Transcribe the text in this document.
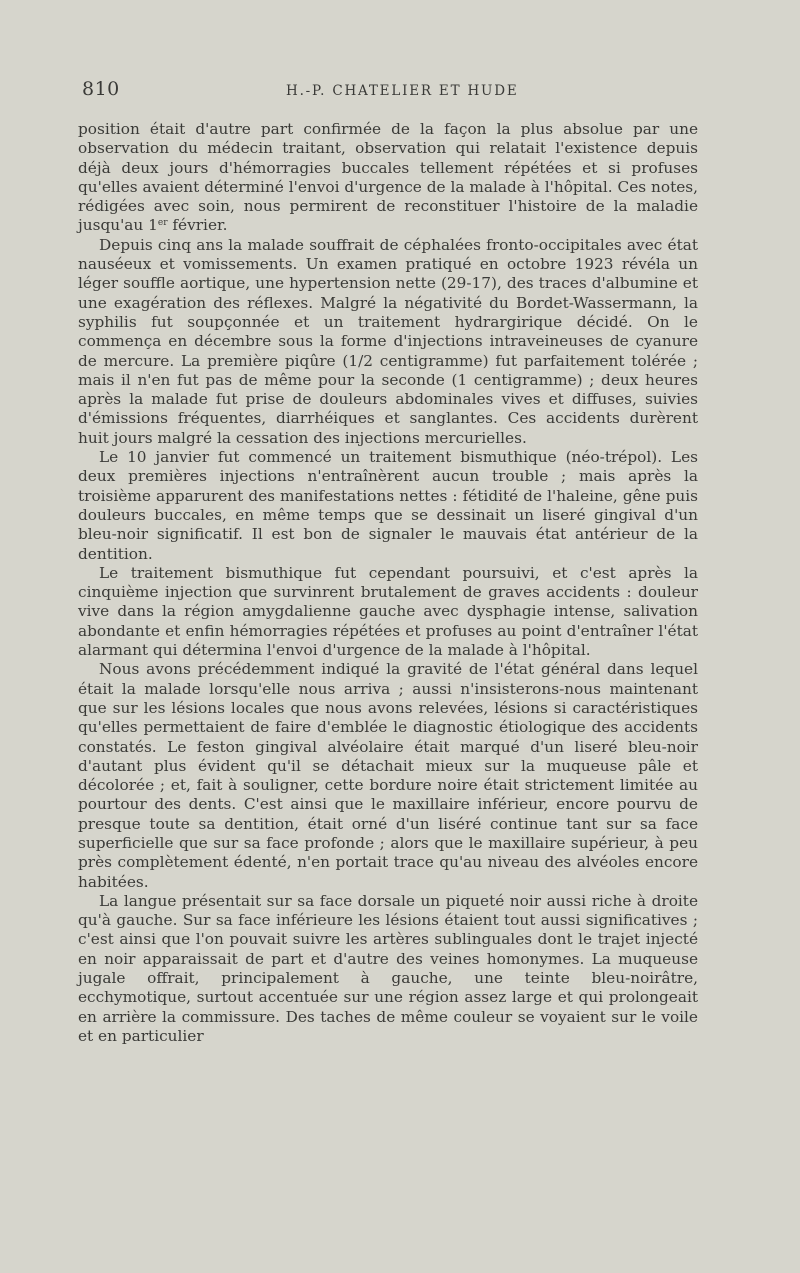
810	H.-P. CHATELIER ET HUDE

position était d'autre part confirmée de la façon la plus absolue par une observation du médecin traitant, observation qui relatait l'existence depuis déjà deux jours d'hémorragies buccales tellement répétées et si profuses qu'elles avaient déterminé l'envoi d'urgence de la malade à l'hôpital. Ces notes, rédigées avec soin, nous permirent de reconstituer l'histoire de la maladie jusqu'au 1er février.

Depuis cinq ans la malade souffrait de céphalées fronto-occipitales avec état nauséeux et vomissements. Un examen pratiqué en octobre 1923 révéla un léger souffle aortique, une hypertension nette (29-17), des traces d'albumine et une exagération des réflexes. Malgré la négativité du Bordet-Wassermann, la syphilis fut soupçonnée et un traitement hydrargirique décidé. On le commença en décembre sous la forme d'injections intraveineuses de cyanure de mercure. La première piqûre (1/2 centigramme) fut parfaitement tolérée ; mais il n'en fut pas de même pour la seconde (1 centigramme) ; deux heures après la malade fut prise de douleurs abdominales vives et diffuses, suivies d'émissions fréquentes, diarrhéiques et sanglantes. Ces accidents durèrent huit jours malgré la cessation des injections mercurielles.

Le 10 janvier fut commencé un traitement bismuthique (néo-trépol). Les deux premières injections n'entraînèrent aucun trouble ; mais après la troisième apparurent des manifestations nettes : fétidité de l'haleine, gêne puis douleurs buccales, en même temps que se dessinait un liseré gingival d'un bleu-noir significatif. Il est bon de signaler le mauvais état antérieur de la dentition.

Le traitement bismuthique fut cependant poursuivi, et c'est après la cinquième injection que survinrent brutalement de graves accidents : douleur vive dans la région amygdalienne gauche avec dysphagie intense, salivation abondante et enfin hémorragies répétées et profuses au point d'entraîner l'état alarmant qui détermina l'envoi d'urgence de la malade à l'hôpital.

Nous avons précédemment indiqué la gravité de l'état général dans lequel était la malade lorsqu'elle nous arriva ; aussi n'insisterons-nous maintenant que sur les lésions locales que nous avons relevées, lésions si caractéristiques qu'elles permettaient de faire d'emblée le diagnostic étiologique des accidents constatés. Le feston gingival alvéolaire était marqué d'un liseré bleu-noir d'autant plus évident qu'il se détachait mieux sur la muqueuse pâle et décolorée ; et, fait à souligner, cette bordure noire était strictement limitée au pourtour des dents. C'est ainsi que le maxillaire inférieur, encore pourvu de presque toute sa dentition, était orné d'un liséré continue tant sur sa face superficielle que sur sa face profonde ; alors que le maxillaire supérieur, à peu près complètement édenté, n'en portait trace qu'au niveau des alvéoles encore habitées.

La langue présentait sur sa face dorsale un piqueté noir aussi riche à droite qu'à gauche. Sur sa face inférieure les lésions étaient tout aussi significatives ; c'est ainsi que l'on pouvait suivre les artères sublinguales dont le trajet injecté en noir apparaissait de part et d'autre des veines homonymes. La muqueuse jugale offrait, principalement à gauche, une teinte bleu-noirâtre, ecchymotique, surtout accentuée sur une région assez large et qui prolongeait en arrière la commissure. Des taches de même couleur se voyaient sur le voile et en particulier
